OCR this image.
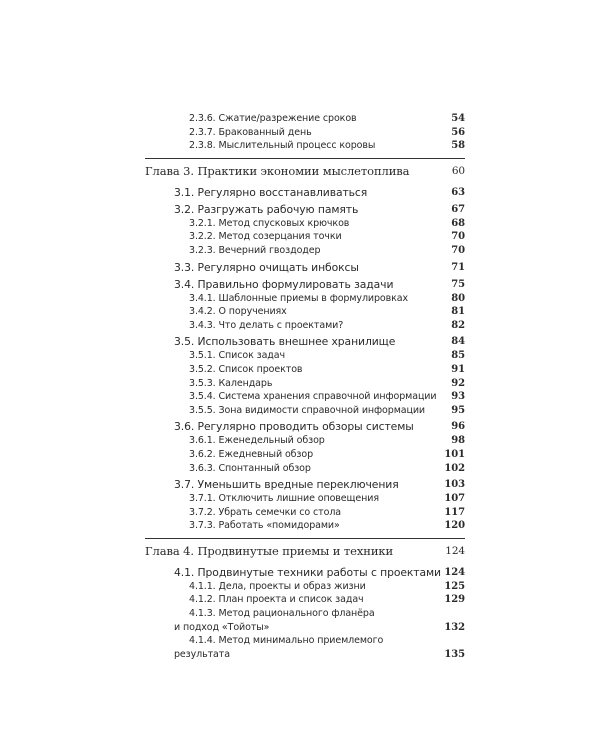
2.3.6. Сжатие/разрежение сроков	54
2.3.7. Бракованный день	56
2.3.8. Мыслительный процесс коровы	58
Глава 3. Практики экономии мыслетоплива	60
3.1. Регулярно восстанавливаться	63
3.2. Разгружать рабочую память	67
3.2.1. Метод спусковых крючков	68
3.2.2. Метод созерцания точки	70
3.2.3. Вечерний гвоздодер	70
3.3. Регулярно очищать инбоксы	71
3.4. Правильно формулировать задачи	75
3.4.1. Шаблонные приемы в формулировках	80
3.4.2. О поручениях	81
3.4.3. Что делать с проектами?	82
3.5. Использовать внешнее хранилище	84
3.5.1. Список задач	85
3.5.2. Список проектов	91
3.5.3. Календарь	92
3.5.4. Система хранения справочной информации 93
3.5.5. Зона видимости справочной информации	95
3.6. Регулярно проводить обзоры системы	96
3.6.1. Еженедельный обзор	98
3.6.2. Ежедневный обзор	101
3.6.3. Спонтанный обзор	102
3.7. Уменьшить вредные переключения	103
3.7.1. Отключить лишние оповещения	107
3.7.2. Убрать семечки со стола	117
3.7.3. Работать «помидорами»	120
Глава 4. Продвинутые приемы и техники	124
4.1. Продвинутые техники работы с проектами 124
4.1.1. Дела, проекты и образ жизни	125
4.1.2. План проекта и список задач	129
4.1.3. Метод рационального фланёра
и подход «Тойоты»	132
4.1.4. Метод минимально приемлемого
результата	135
